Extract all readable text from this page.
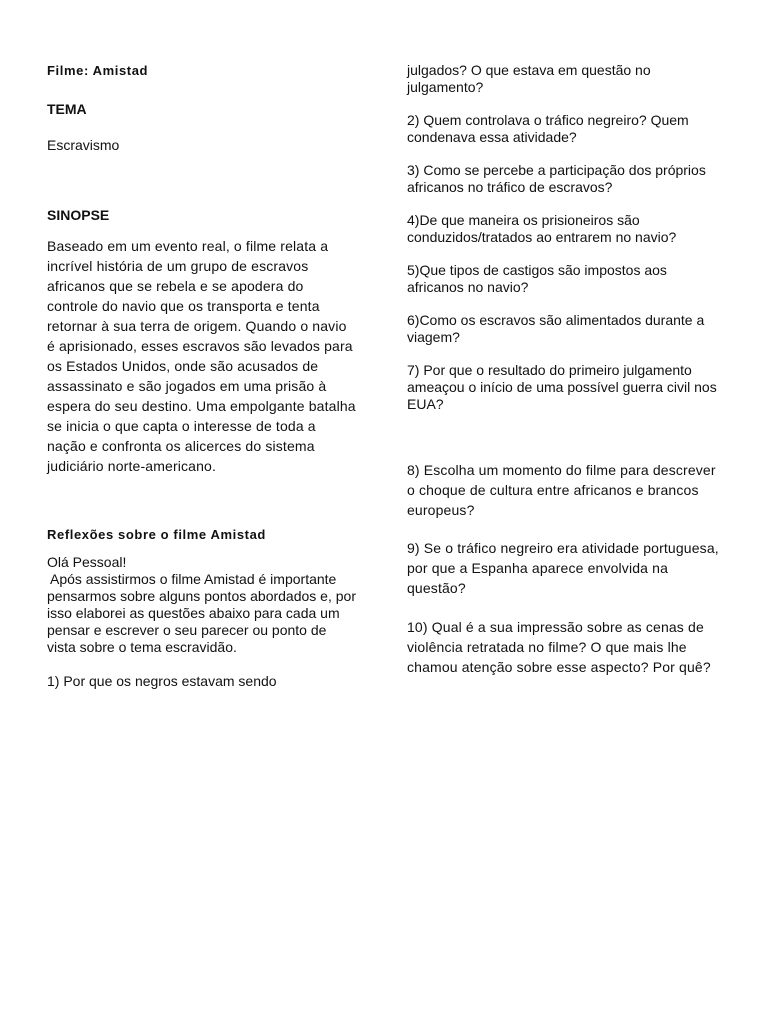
Filme: Amistad

TEMA

Escravismo

SINOPSE

Baseado em um evento real, o filme relata a incrível história de um grupo de escravos africanos que se rebela e se apodera do controle do navio que os transporta e tenta retornar à sua terra de origem. Quando o navio é aprisionado, esses escravos são levados para os Estados Unidos, onde são acusados de assassinato e são jogados em uma prisão à espera do seu destino. Uma empolgante batalha se inicia o que capta o interesse de toda a nação e confronta os alicerces do sistema judiciário norte-americano.

Reflexões sobre o filme Amistad

Olá Pessoal!

Após assistirmos o filme Amistad é importante pensarmos sobre alguns pontos abordados e, por isso elaborei as questões abaixo para cada um pensar e escrever o seu parecer ou ponto de vista sobre o tema escravidão.

1) Por que os negros estavam sendo

julgados? O que estava em questão no julgamento?

2) Quem controlava o tráfico negreiro? Quem condenava essa atividade?

3) Como se percebe a participação dos próprios africanos no tráfico de escravos?

4)De que maneira os prisioneiros são conduzidos/tratados ao entrarem no navio?

5)Que tipos de castigos são impostos aos africanos no navio?

6)Como os escravos são alimentados durante a viagem?

7) Por que o resultado do primeiro julgamento ameaçou o início de uma possível guerra civil nos EUA?

8) Escolha um momento do filme para descrever o choque de cultura entre africanos e brancos europeus?

9) Se o tráfico negreiro era atividade portuguesa, por que a Espanha aparece envolvida na questão?

10) Qual é a sua impressão sobre as cenas de violência retratada no filme? O que mais lhe chamou atenção sobre esse aspecto? Por quê?
